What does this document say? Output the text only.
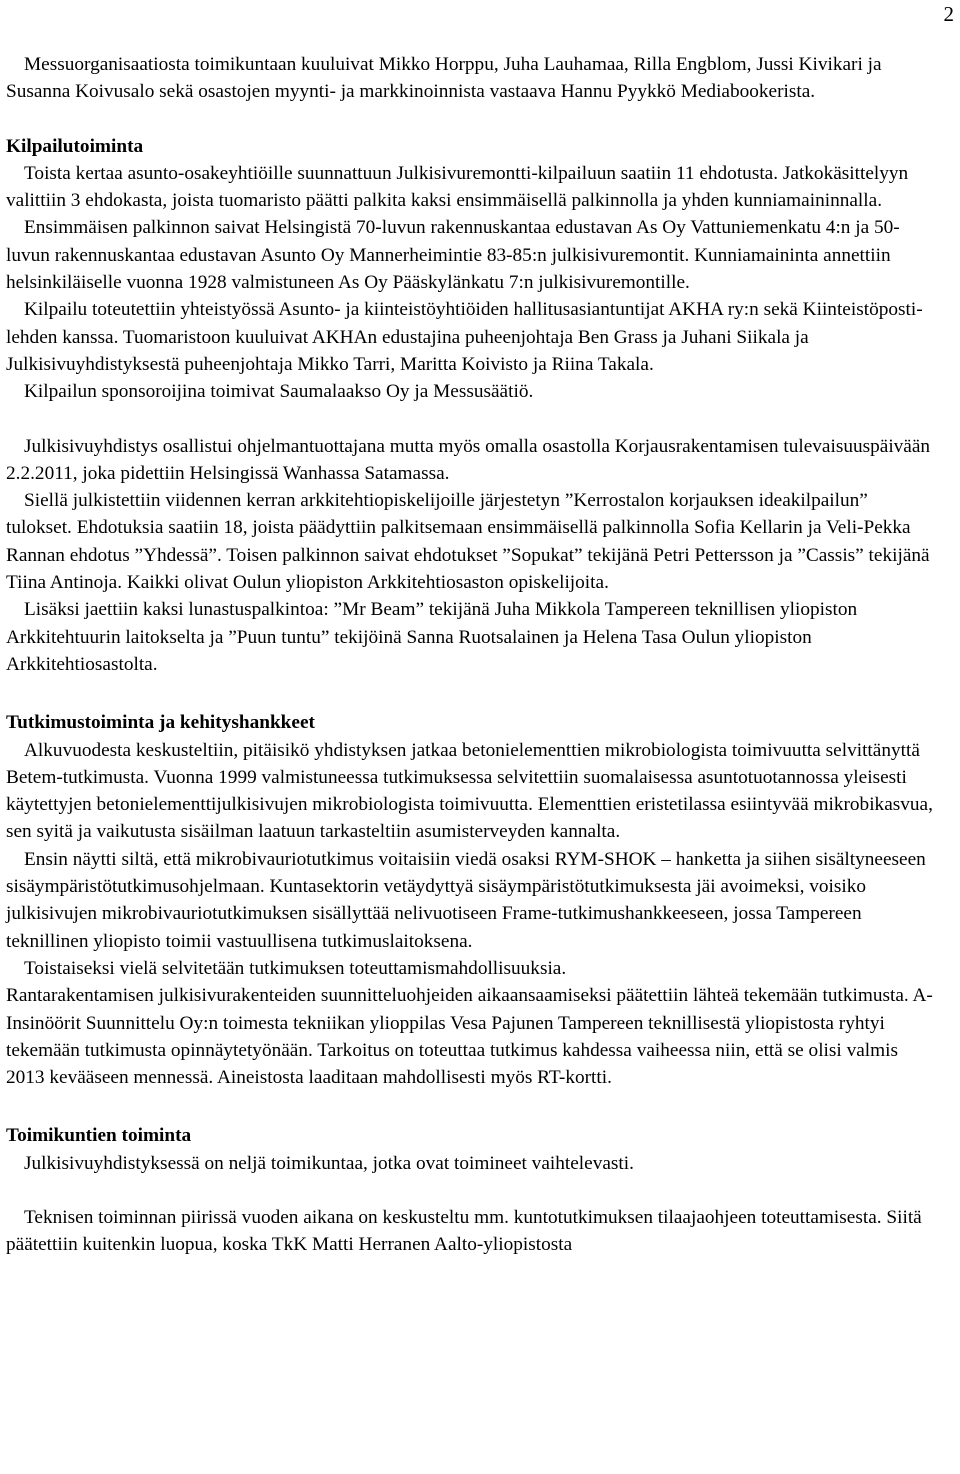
2

Messuorganisaatiosta toimikuntaan kuuluivat Mikko Horppu, Juha Lauhamaa, Rilla Engblom, Jussi Kivikari ja Susanna Koivusalo sekä osastojen myynti- ja markkinoinnista vastaava Hannu Pyykkö Mediabookerista.

Kilpailutoiminta

Toista kertaa asunto-osakeyhtiöille suunnattuun Julkisivuremontti-kilpailuun saatiin 11 ehdotusta. Jatkokäsittelyyn valittiin 3 ehdokasta, joista tuomaristo päätti palkita kaksi ensimmäisellä palkinnolla ja yhden kunniamaininnalla.

Ensimmäisen palkinnon saivat Helsingistä 70-luvun rakennuskantaa edustavan As Oy Vattuniemenkatu 4:n ja 50-luvun rakennuskantaa edustavan Asunto Oy Mannerheimintie 83-85:n julkisivuremontit. Kunniamaininta annettiin helsinkiläiselle vuonna 1928 valmistuneen As Oy Pääskylänkatu 7:n julkisivuremontille.

Kilpailu toteutettiin yhteistyössä Asunto- ja kiinteistöyhtiöiden hallitusasiantuntijat AKHA ry:n sekä Kiinteistöposti-lehden kanssa. Tuomaristoon kuuluivat AKHAn edustajina puheenjohtaja Ben Grass ja Juhani Siikala ja Julkisivuyhdistyksestä puheenjohtaja Mikko Tarri, Maritta Koivisto ja Riina Takala.

Kilpailun sponsoroijina toimivat Saumalaakso Oy ja Messusäätiö.

Julkisivuyhdistys osallistui ohjelmantuottajana mutta myös omalla osastolla Korjausrakentamisen tulevaisuuspäivään 2.2.2011, joka pidettiin Helsingissä Wanhassa Satamassa.

Siellä julkistettiin viidennen kerran arkkitehtiopiskelijoille järjestetyn ”Kerrostalon korjauksen ideakilpailun” tulokset. Ehdotuksia saatiin 18, joista päädyttiin palkitsemaan ensimmäisellä palkinnolla Sofia Kellarin ja Veli-Pekka Rannan ehdotus ”Yhdessä”. Toisen palkinnon saivat ehdotukset ”Sopukat” tekijänä Petri Pettersson ja ”Cassis” tekijänä Tiina Antinoja. Kaikki olivat Oulun yliopiston Arkkitehtiosaston opiskelijoita.

Lisäksi jaettiin kaksi lunastuspalkintoa: ”Mr Beam” tekijänä Juha Mikkola Tampereen teknillisen yliopiston Arkkitehtuurin laitokselta ja ”Puun tuntu” tekijöinä Sanna Ruotsalainen ja Helena Tasa Oulun yliopiston Arkkitehtiosastolta.

Tutkimustoiminta ja kehityshankkeet

Alkuvuodesta keskusteltiin, pitäisikö yhdistyksen jatkaa betonielementtien mikrobiologista toimivuutta selvittänyttä Betem-tutkimusta. Vuonna 1999 valmistuneessa tutkimuksessa selvitettiin suomalaisessa asuntotuotannossa yleisesti käytettyjen betonielementtijulkisivujen mikrobiologista toimivuutta. Elementtien eristetilassa esiintyvää mikrobikasvua, sen syitä ja vaikutusta sisäilman laatuun tarkasteltiin asumisterveyden kannalta.

Ensin näytti siltä, että mikrobivauriotutkimus voitaisiin viedä osaksi RYM-SHOK – hanketta ja siihen sisältyneeseen sisäympäristötutkimusohjelmaan. Kuntasektorin vetäydyttyä sisäympäristötutkimuksesta jäi avoimeksi, voisiko julkisivujen mikrobivauriotutkimuksen sisällyttää nelivuotiseen Frame-tutkimushankkeeseen, jossa Tampereen teknillinen yliopisto toimii vastuullisena tutkimuslaitoksena.

Toistaiseksi vielä selvitetään tutkimuksen toteuttamismahdollisuuksia.

Rantarakentamisen julkisivurakenteiden suunnitteluohjeiden aikaansaamiseksi päätettiin lähteä tekemään tutkimusta. A-Insinöörit Suunnittelu Oy:n toimesta tekniikan ylioppilas Vesa Pajunen Tampereen teknillisestä yliopistosta ryhtyi tekemään tutkimusta opinnäytetyönään. Tarkoitus on toteuttaa tutkimus kahdessa vaiheessa niin, että se olisi valmis 2013 kevääseen mennessä. Aineistosta laaditaan mahdollisesti myös RT-kortti.

Toimikuntien toiminta

Julkisivuyhdistyksessä on neljä toimikuntaa, jotka ovat toimineet vaihtelevasti.

Teknisen toiminnan piirissä vuoden aikana on keskusteltu mm. kuntotutkimuksen tilaajaohjeen toteuttamisesta. Siitä päätettiin kuitenkin luopua, koska TkK Matti Herranen Aalto-yliopistosta
